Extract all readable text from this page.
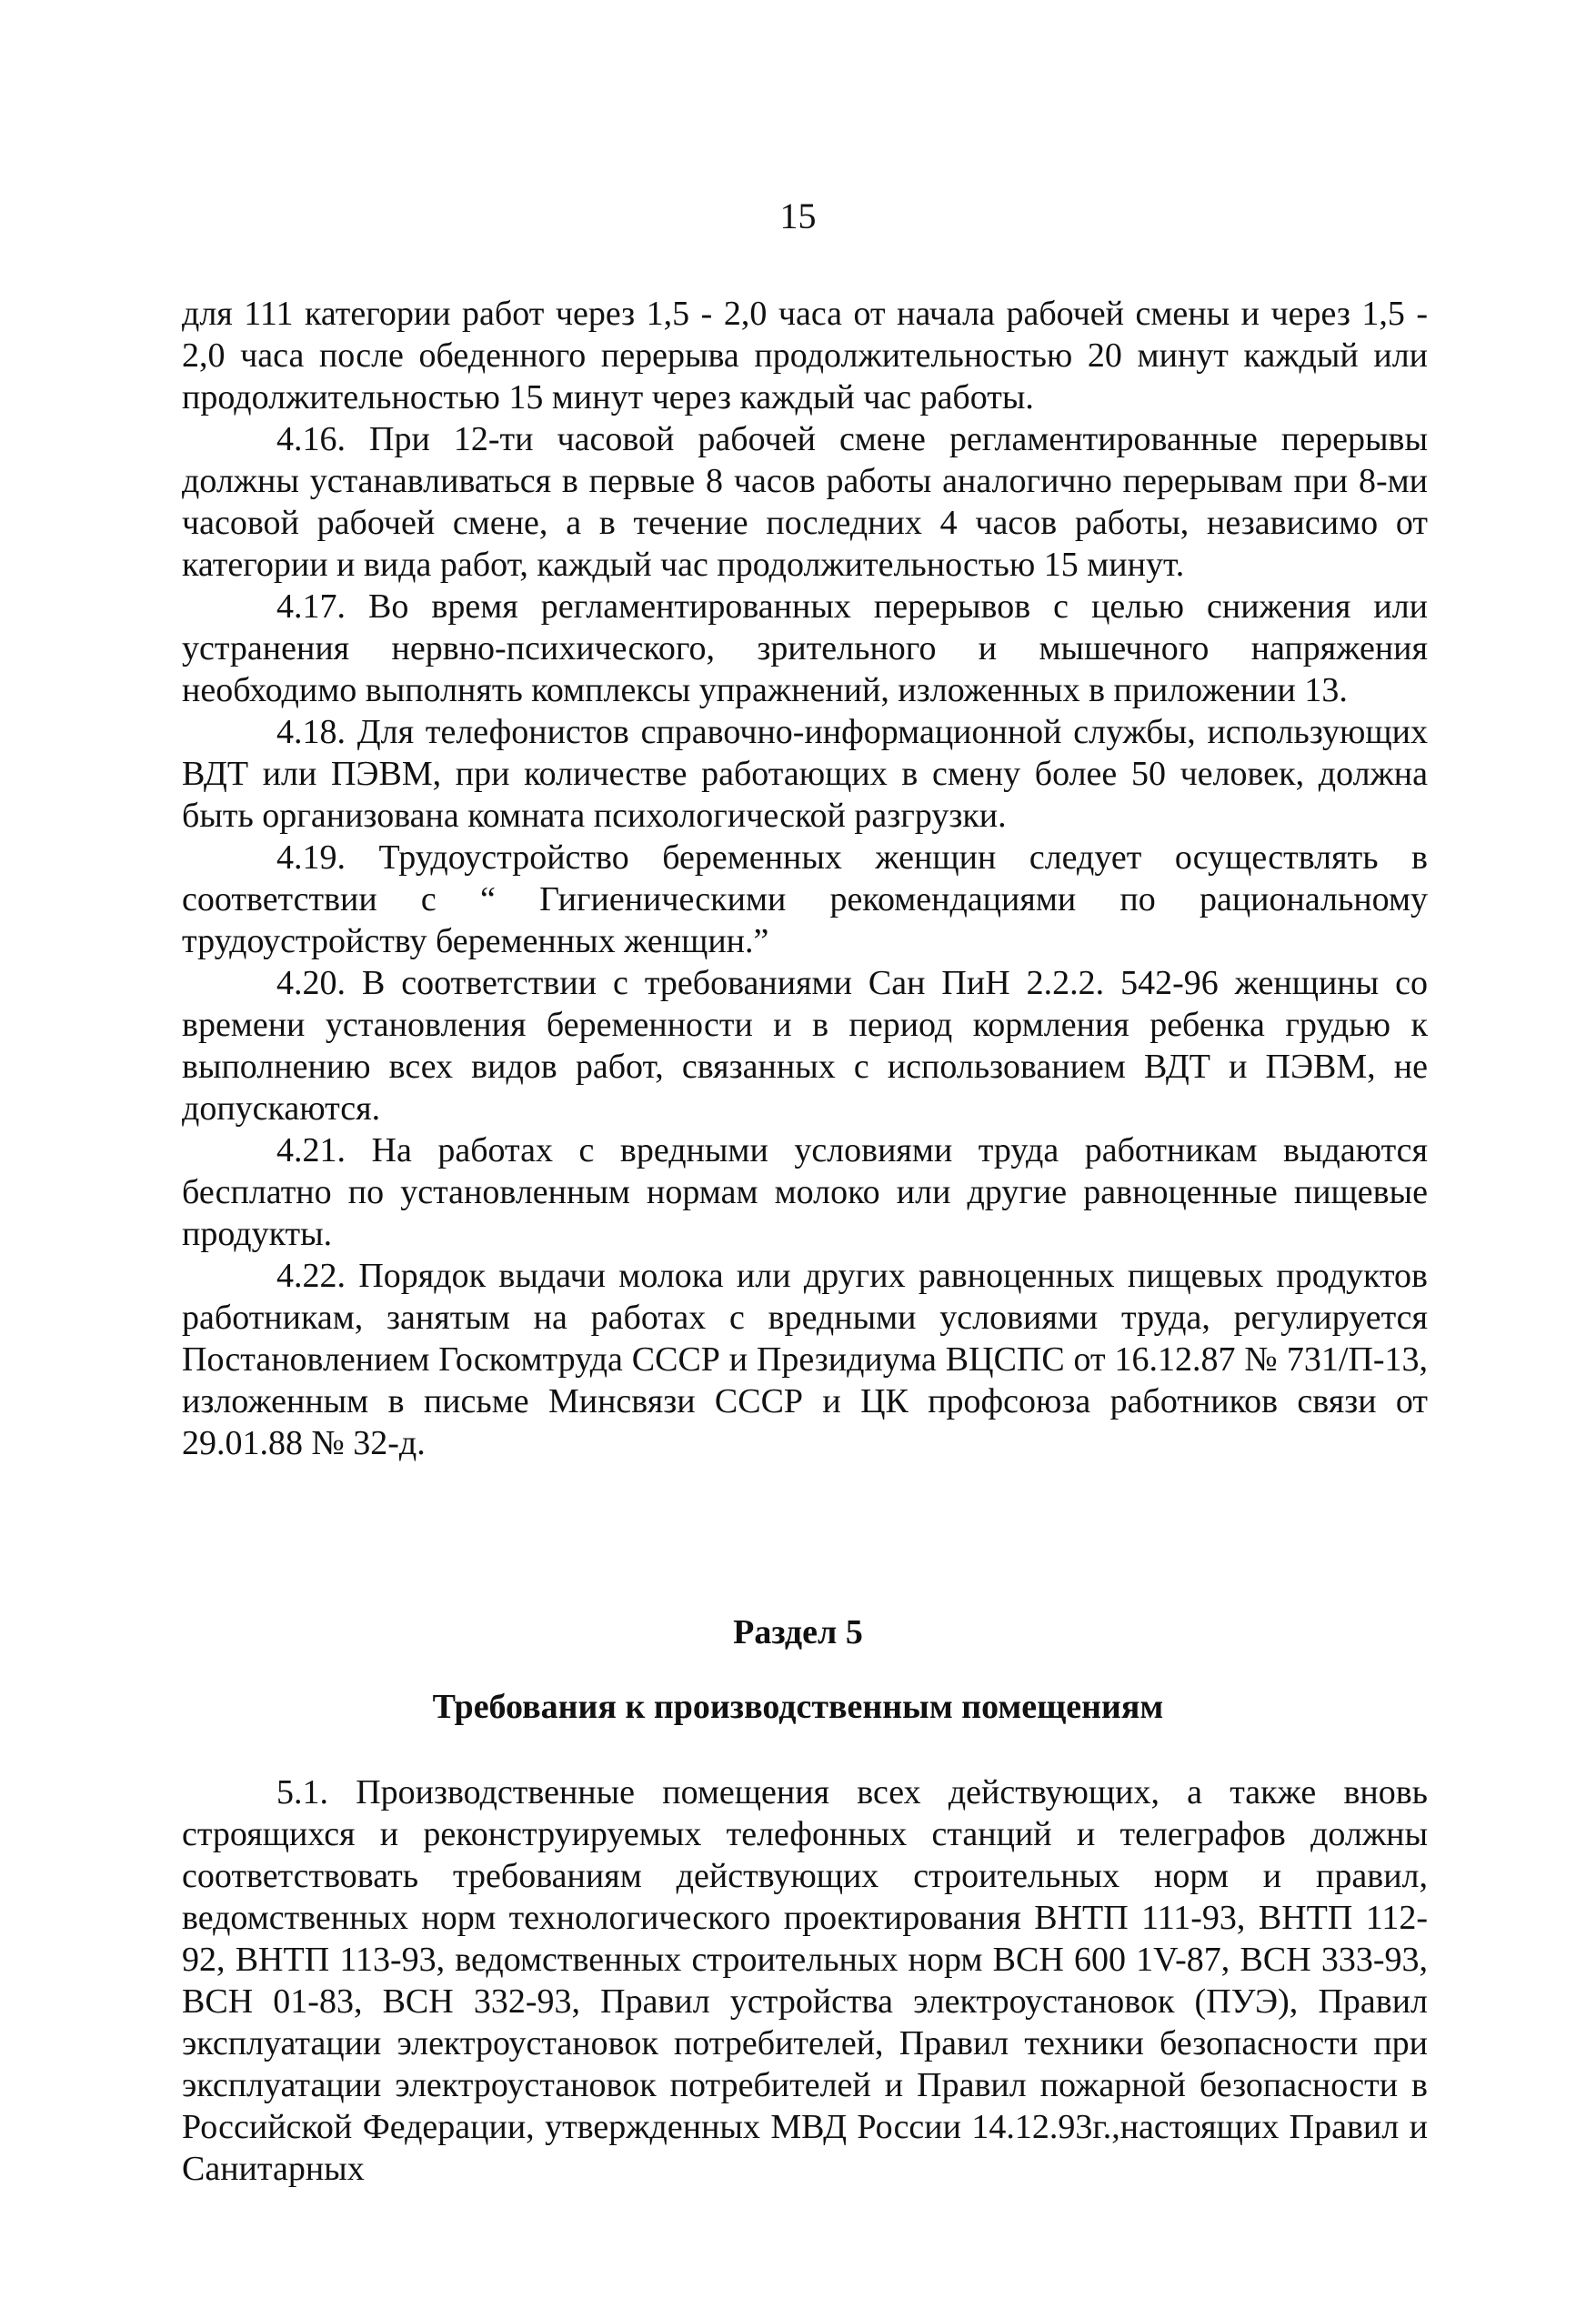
15

для 111 категории работ через 1,5 - 2,0 часа от начала рабочей смены и через 1,5 - 2,0 часа после обеденного перерыва продолжительностью 20 минут каждый или продолжительностью 15 минут через каждый час работы.

4.16. При 12-ти часовой рабочей смене регламентированные перерывы должны устанавливаться в первые 8 часов работы аналогично перерывам при 8-ми часовой рабочей смене, а в течение последних 4 часов работы, независимо от категории и вида работ, каждый час продолжительностью 15 минут.

4.17. Во время регламентированных перерывов с целью снижения или устранения нервно-психического, зрительного и мышечного напряжения необходимо выполнять комплексы упражнений, изложенных в приложении 13.

4.18. Для телефонистов справочно-информационной службы, использующих ВДТ или ПЭВМ, при количестве работающих в смену более 50 человек, должна быть организована комната психологической разгрузки.

4.19. Трудоустройство беременных женщин следует осуществлять в соответствии с “ Гигиеническими рекомендациями по рациональному трудоустройству беременных женщин.”

4.20. В соответствии с требованиями Сан ПиН 2.2.2. 542-96 женщины со времени установления беременности и в период кормления ребенка грудью к выполнению всех видов работ, связанных с использованием ВДТ и ПЭВМ, не допускаются.

4.21. На работах с вредными условиями труда работникам выдаются бесплатно по установленным нормам молоко или другие равноценные пищевые продукты.

4.22. Порядок выдачи молока или других равноценных пищевых продуктов работникам, занятым на работах с вредными условиями труда, регулируется Постановлением Госкомтруда СССР и Президиума ВЦСПС от 16.12.87 № 731/П-13, изложенным в письме Минсвязи СССР и ЦК профсоюза работников связи от 29.01.88 № 32-д.

Раздел 5
Требования к производственным помещениям

5.1. Производственные помещения всех действующих, а также вновь строящихся и реконструируемых телефонных станций и телеграфов должны соответствовать требованиям действующих строительных норм и правил, ведомственных норм технологического проектирования ВНТП 111-93, ВНТП 112-92, ВНТП 113-93, ведомственных строительных норм ВСН 600 1V-87, ВСН 333-93, ВСН 01-83, ВСН 332-93, Правил устройства электроустановок (ПУЭ), Правил эксплуатации электроустановок потребителей, Правил техники безопасности при эксплуатации электроустановок потребителей и Правил пожарной безопасности в Российской Федерации, утвержденных МВД России 14.12.93г.,настоящих Правил и Санитарных
